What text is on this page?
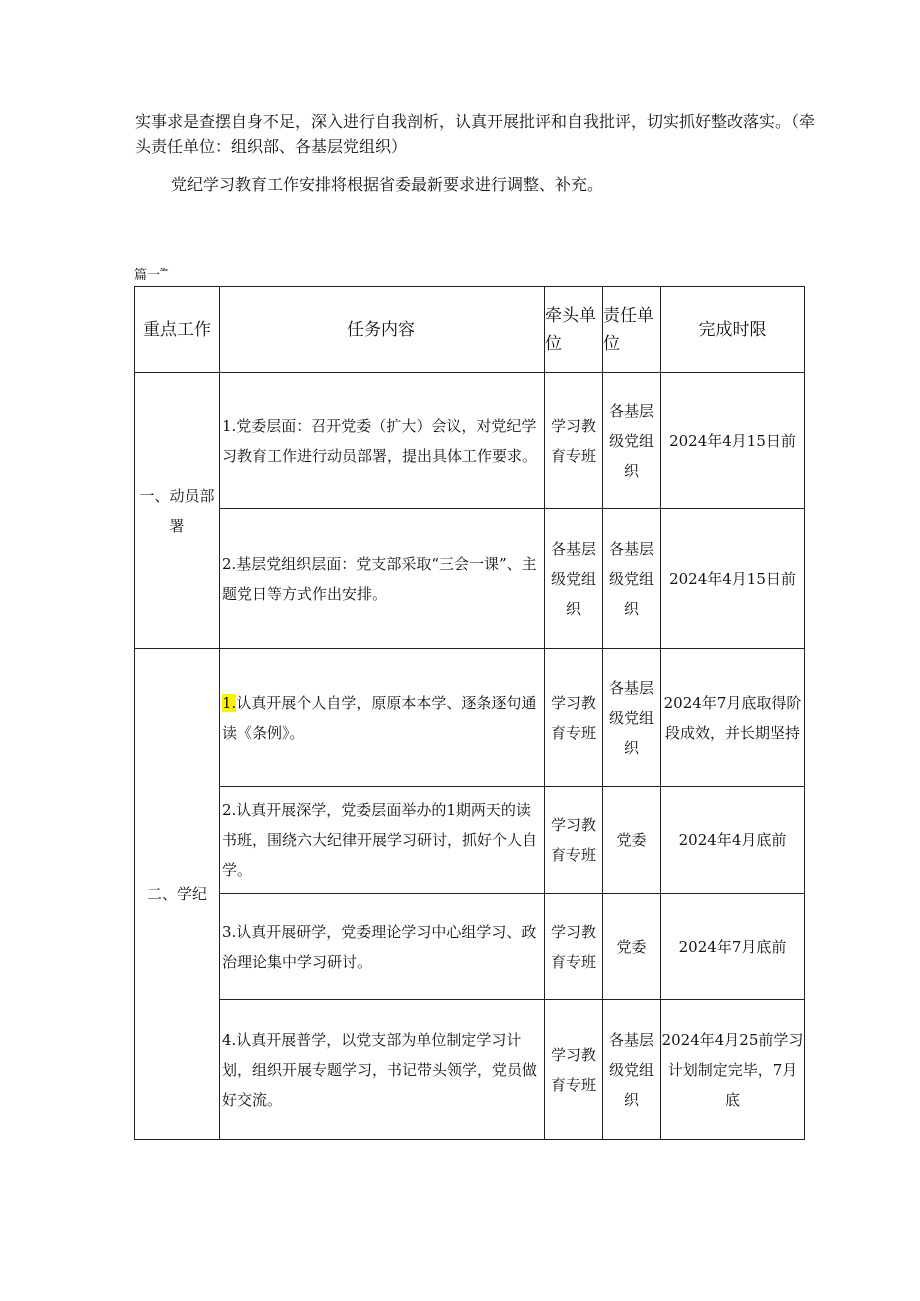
实事求是查摆自身不足，深入进行自我剖析，认真开展批评和自我批评，切实抓好整改落实。（牵头责任单位：组织部、各基层党组织）
党纪学习教育工作安排将根据省委最新要求进行调整、补充。
篇一$^{ᴬᴮᶜᶜ}$
重点工作	任务内容	牵头单位	责任单位	完成时限
一、动员部署	1.党委层面：召开党委（扩大）会议，对党纪学习教育工作进行动员部署，提出具体工作要求。	学习教育专班	各基层级党组织	2024年4月15日前
	2.基层党组织层面：党支部采取“三会一课”、主题党日等方式作出安排。	各基层级党组织	各基层级党组织	2024年4月15日前
二、学纪	1.认真开展个人自学，原原本本学、逐条逐句通读《条例》。	学习教育专班	各基层级党组织	2024年7月底取得阶段成效，并长期坚持
	2.认真开展深学，党委层面举办的1期两天的读书班，围绕六大纪律开展学习研讨，抓好个人自学。	学习教育专班	党委	2024年4月底前
	3.认真开展研学，党委理论学习中心组学习、政治理论集中学习研讨。	学习教育专班	党委	2024年7月底前
	4.认真开展普学，以党支部为单位制定学习计划，组织开展专题学习，书记带头领学，党员做好交流。	学习教育专班	各基层级党组织	2024年4月25前学习计划制定完毕，7月底
